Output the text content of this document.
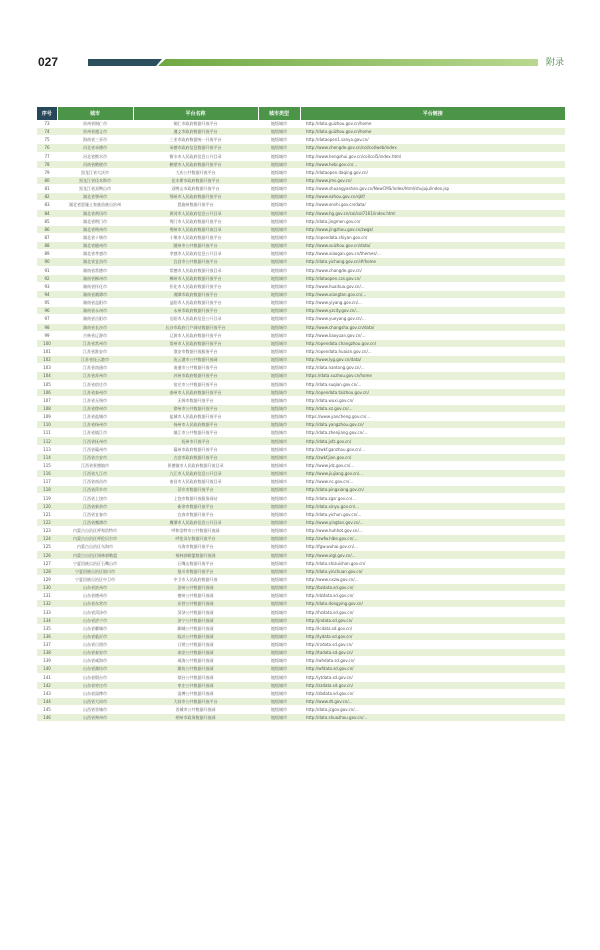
027	附录
序号	城市	平台名称	城市类型	平台链接
73	贵州省铜仁市	铜仁市政府数据开放平台	地级城市	http://data.guizhou.gov.cn/home
74	贵州省遵义市	遵义市政府数据开放平台	地级城市	http://data.guizhou.gov.cn/home
75	海南省三亚市	三亚市政府数据统一开放平台	地级城市	http://dataopen1.sanya.gov.cn/
76	河北省承德市	承德市政府信息数据开放平台	地级城市	http://www.chengde.gov.cn/col/col/web/index
77	河北省衡水市	衡水市人民政府信息公开目录	地级城市	http://www.hengshui.gov.cn/col/col5/index.html
78	河南省鹤壁市	鹤壁市人民政府数据开放平台	地级城市	http://www.hebi.gov.cn/...
79	黑龙江省大庆市	大庆公共数据开放平台	地级城市	http://dataopen.daqing.gov.cn/
80	黑龙江省佳木斯市	佳木斯市政府数据开放平台	地级城市	http://www.jms.gov.cn/
81	黑龙江省双鸭山市	双鸭山市政府数据开放平台	地级城市	http://www.shuangyashan.gov.cn/NewCMS/index/html/shujuju/index.jsp
82	湖北省鄂州市	鄂州市人民政府数据开放平台	地级城市	http://www.ezhou.gov.cn/sjkf/
83	湖北省恩施土家族苗族自治州	恩施州数据开放平台	地级城市	http://www.enshi.gov.cn/data/
84	湖北省黄冈市	黄冈市人民政府信息公开目录	地级城市	http://www.hg.gov.cn/col/col7161/index.html
85	湖北省荆门市	荆门市人民政府数据开放平台	地级城市	http://data.jingmen.gov.cn/
86	湖北省荆州市	荆州市人民政府数据开放目录	地级城市	http://www.jingzhou.gov.cn/zwgk/
87	湖北省十堰市	十堰市人民政府数据开放平台	地级城市	http://opendata.shiyan.gov.cn/
88	湖北省随州市	随州市公共数据开放平台	地级城市	http://www.suizhou.gov.cn/data/
89	湖北省孝感市	孝感市人民政府信息公开目录	地级城市	http://www.xiaogan.gov.cn/themes/...
90	湖北省宜昌市	宜昌市公共数据开放平台	地级城市	http://data.yichang.gov.cn/#/home
91	湖南省常德市	常德市人民政府数据开放目录	地级城市	http://www.changde.gov.cn/
92	湖南省郴州市	郴州市人民政府数据开放平台	地级城市	http://dataopen.czs.gov.cn/
93	湖南省怀化市	怀化市人民政府数据开放平台	地级城市	http://www.huaihua.gov.cn/...
94	湖南省湘潭市	湘潭市政府数据开放平台	地级城市	http://www.xiangtan.gov.cn/...
95	湖南省益阳市	益阳市人民政府数据开放平台	地级城市	http://www.yiyang.gov.cn/...
96	湖南省永州市	永州市政府数据开放平台	地级城市	http://www.yzcity.gov.cn/...
97	湖南省岳阳市	岳阳市人民政府信息公开目录	地级城市	http://www.yueyang.gov.cn/...
98	湖南省长沙市	长沙市政府门户网站数据开放平台	地级城市	http://www.changsha.gov.cn/data/
99	吉林省辽源市	辽源市人民政府数据开放平台	地级城市	http://www.liaoyuan.gov.cn/...
100	江苏省常州市	常州市人民政府数据开放平台	地级城市	http://opendata.changzhou.gov.cn/
101	江苏省淮安市	淮安市数据开放服务平台	地级城市	http://opendata.huaian.gov.cn/...
102	江苏省连云港市	连云港市公共数据开放网	地级城市	http://www.lyg.gov.cn/data/
103	江苏省南通市	南通市公共数据开放平台	地级城市	http://data.nantong.gov.cn/...
104	江苏省苏州市	苏州市政府数据开放平台	地级城市	https://data.suzhou.gov.cn/home
105	江苏省宿迁市	宿迁市公共数据开放平台	地级城市	http://data.suqian.gov.cn/...
106	江苏省泰州市	泰州市人民政府数据开放平台	地级城市	http://opendata.taizhou.gov.cn/
107	江苏省无锡市	无锡市数据开放平台	地级城市	http://data.wuxi.gov.cn/
108	江苏省徐州市	徐州市公共数据开放平台	地级城市	http://data.xz.gov.cn/...
109	江苏省盐城市	盐城市人民政府数据开放平台	地级城市	https://www.yancheng.gov.cn/...
110	江苏省扬州市	扬州市人民政府数据平台	地级城市	http://data.yangzhou.gov.cn/
111	江苏省镇江市	镇江市公共数据开放平台	地级城市	http://data.zhenjiang.gov.cn/...
112	江西省抚州市	抚州市开放平台	地级城市	http://data.jxfz.gov.cn/
113	江西省赣州市	赣州市政府数据开放平台	地级城市	http://zwkf.ganzhou.gov.cn/...
114	江西省吉安市	吉安市政府数据开放平台	地级城市	http://zwkf.jian.gov.cn/
115	江西省景德镇市	景德镇市人民政府数据开放目录	地级城市	http://www.jdz.gov.cn/...
116	江西省九江市	九江市人民政府信息公开目录	地级城市	http://www.jiujiang.gov.cn/...
117	江西省南昌市	南昌市人民政府数据开放目录	地级城市	http://www.nc.gov.cn/...
118	江西省萍乡市	萍乡市数据开放平台	地级城市	http://data.pingxiang.gov.cn/
119	江西省上饶市	上饶市数据开放服务网站	地级城市	http://data.zgsr.gov.cn/...
120	江西省新余市	新余市数据开放平台	地级城市	http://data.xinyu.gov.cn/...
121	江西省宜春市	宜春市数据开放平台	地级城市	http://data.yichun.gov.cn/...
122	江西省鹰潭市	鹰潭市人民政府信息公开目录	地级城市	http://www.yingtan.gov.cn/...
123	内蒙古自治区呼和浩特市	呼和浩特市公共数据开放网	地级城市	http://www.huhhot.gov.cn/...
124	内蒙古自治区呼伦贝尔市	呼伦贝尔数据开放平台	地级城市	http://zwfw.hlbe.gov.cn/...
125	内蒙古自治区乌海市	乌海市数据开放平台	地级城市	http://fgw.wuhai.gov.cn/...
126	内蒙古自治区锡林郭勒盟	锡林郭勒盟数据开放网	地级城市	http://www.xlgl.gov.cn/...
127	宁夏回族自治区石嘴山市	石嘴山数据开放平台	地级城市	http://data.shizuishan.gov.cn/
128	宁夏回族自治区银川市	银川市数据开放平台	地级城市	http://data.yinchuan.gov.cn/
129	宁夏回族自治区中卫市	中卫市人民政府数据开放	地级城市	http://www.nxzw.gov.cn/...
130	山东省滨州市	滨州公共数据开放网	地级城市	http://bzdata.sd.gov.cn/
131	山东省德州市	德州公共数据开放网	地级城市	http://dzdata.sd.gov.cn/
132	山东省东营市	东营公共数据开放网	地级城市	http://data.dongying.gov.cn/
133	山东省菏泽市	菏泽公共数据开放网	地级城市	http://hzdata.sd.gov.cn/
134	山东省济宁市	济宁公共数据开放网	地级城市	http://jndata.sd.gov.cn/
135	山东省聊城市	聊城公共数据开放网	地级城市	http://lcdata.sd.gov.cn/
136	山东省临沂市	临沂公共数据开放网	地级城市	http://lydata.sd.gov.cn/
137	山东省日照市	日照公共数据开放网	地级城市	http://rzdata.sd.gov.cn/
138	山东省泰安市	泰安公共数据开放网	地级城市	http://tadata.sd.gov.cn/
139	山东省威海市	威海公共数据开放网	地级城市	http://whdata.sd.gov.cn/
140	山东省潍坊市	潍坊公共数据开放网	地级城市	http://wfdata.sd.gov.cn/
141	山东省烟台市	烟台公共数据开放网	地级城市	http://ytdata.sd.gov.cn/
142	山东省枣庄市	枣庄公共数据开放网	地级城市	http://zzdata.sd.gov.cn/
143	山东省淄博市	淄博公共数据开放网	地级城市	http://zbdata.sd.gov.cn/
144	山西省大同市	大同市公共数据开放平台	地级城市	http://www.dt.gov.cn/...
145	山西省晋城市	晋城市公共数据开放网	地级城市	http://data.jcgov.gov.cn/...
146	山西省朔州市	朔州市政务数据开放网	地级城市	http://data.shuozhou.gov.cn/...
